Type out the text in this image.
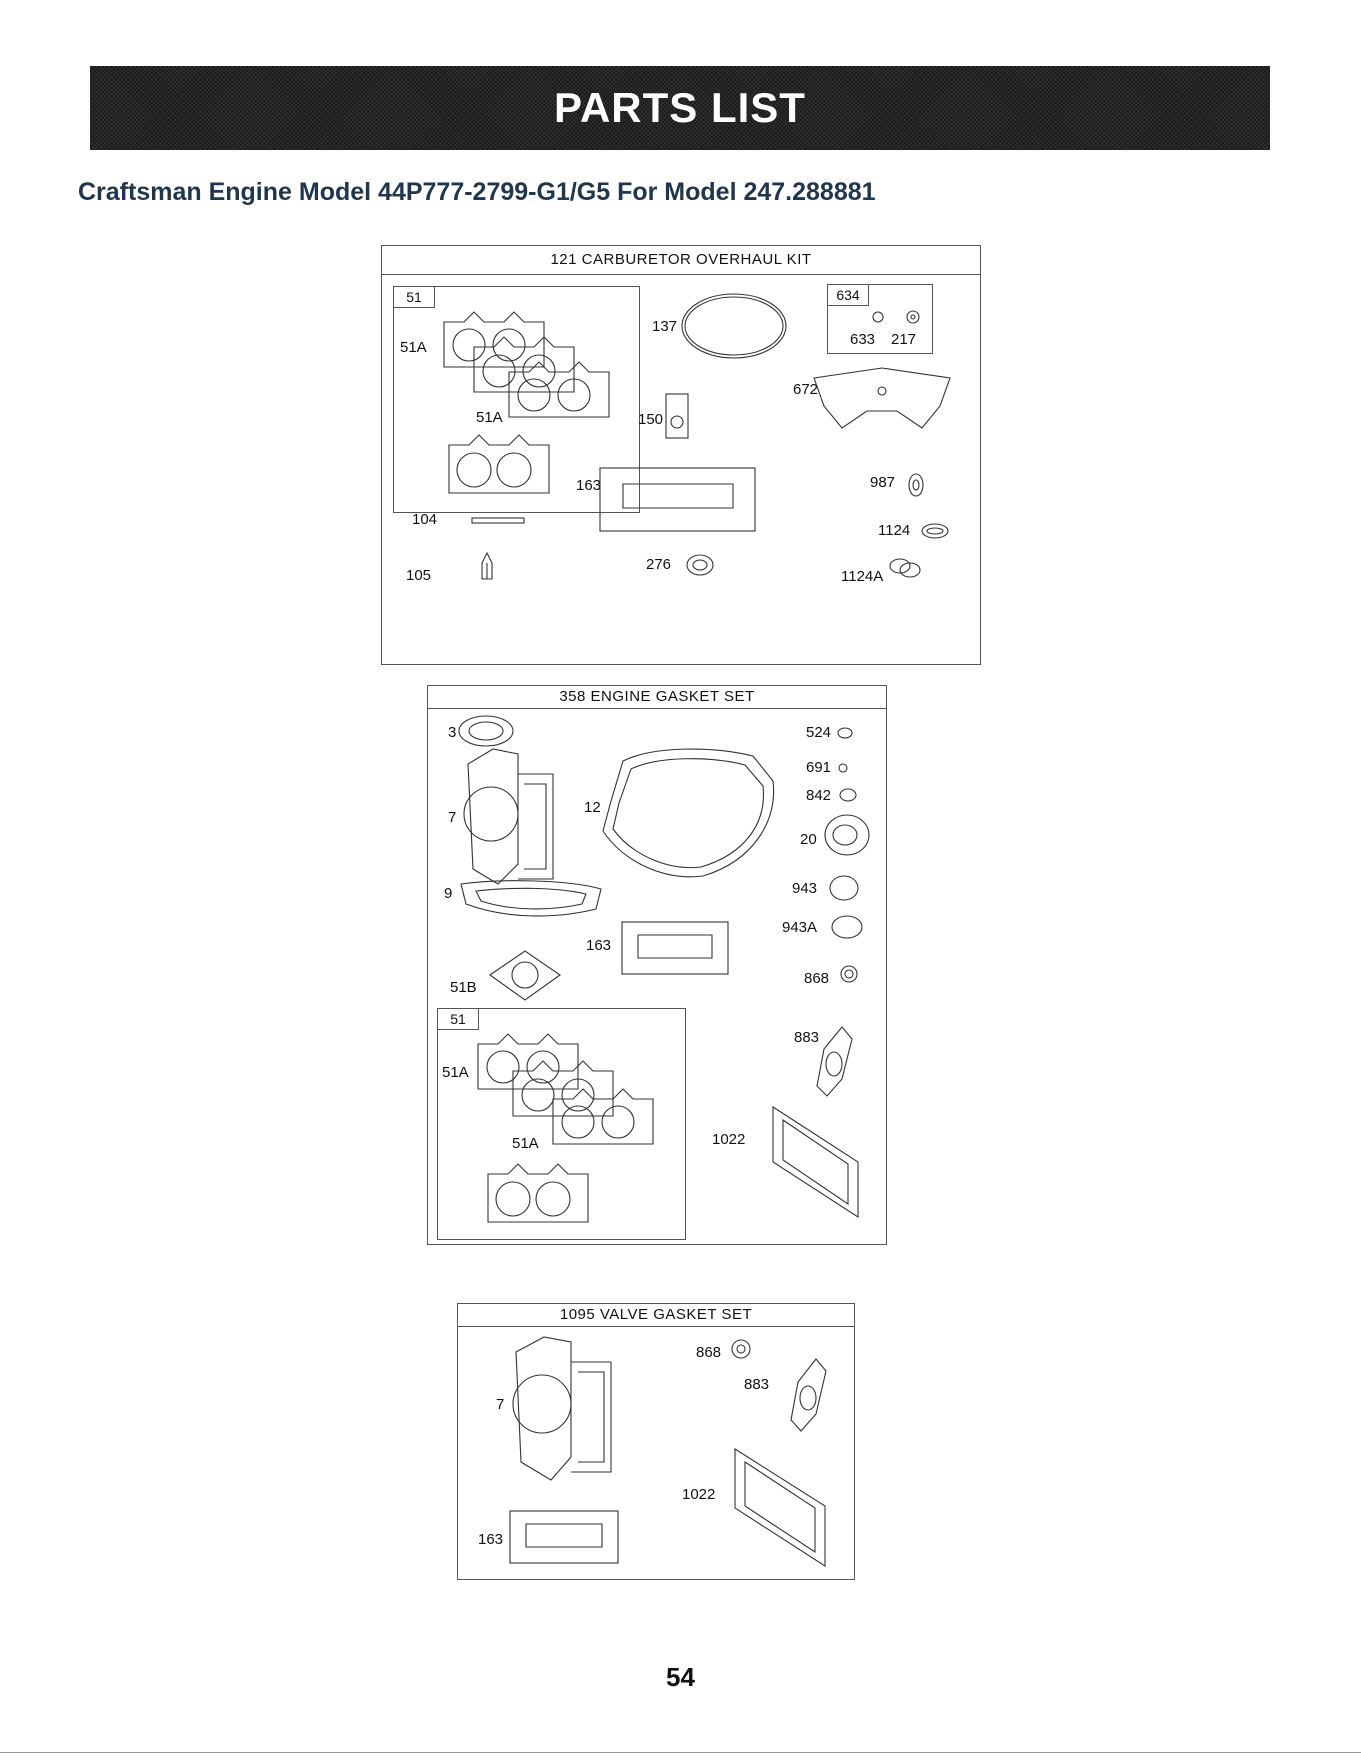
PARTS LIST
Craftsman Engine Model 44P777-2799-G1/G5 For Model 247.288881
121 CARBURETOR OVERHAUL KIT
51
51A
51A
137
634
633 217
150
672
163	987
104
1124
105
276
1124A
358 ENGINE GASKET SET
3
7
12
524
691
842
20
9	943
943A
163
51B
868
51
51A
51A
883
1022
1095 VALVE GASKET SET
7
868
883
1022
163
54
